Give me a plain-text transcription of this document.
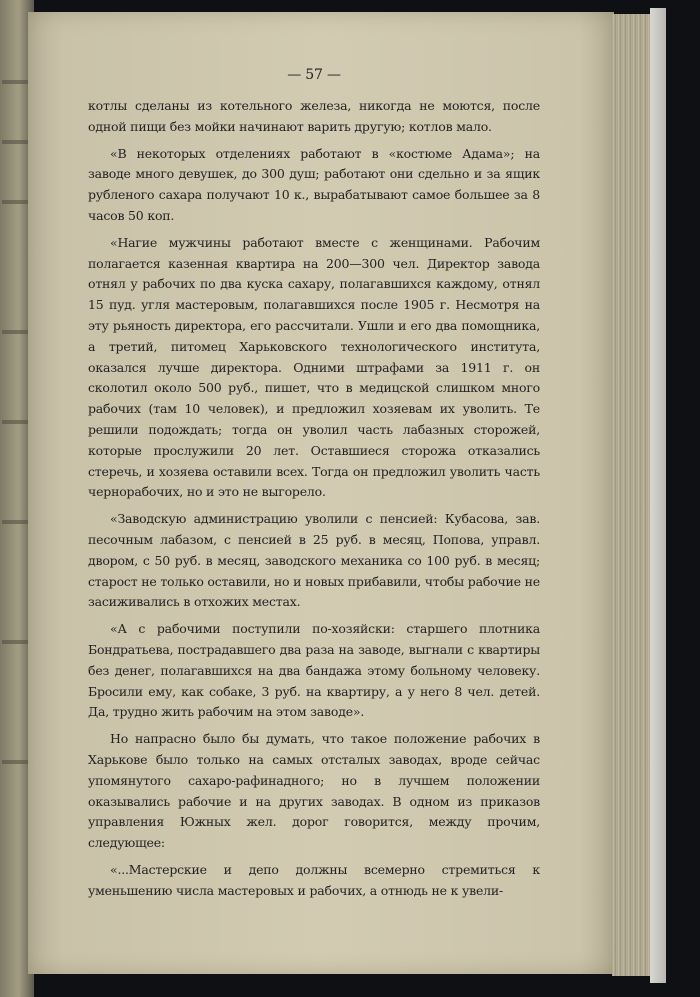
— 57 —

котлы сделаны из котельного железа, никогда не моются, после одной пищи без мойки начинают варить другую; котлов мало.

«В некоторых отделениях работают в «костюме Адама»; на заводе много девушек, до 300 душ; работают они сдельно и за ящик рубленого сахара получают 10 к., вырабатывают самое большее за 8 часов 50 коп.

«Нагие мужчины работают вместе с женщинами. Рабочим полагается казенная квартира на 200—300 чел. Директор завода отнял у рабочих по два куска сахару, полагавшихся каждому, отнял 15 пуд. угля мастеровым, полагавшихся после 1905 г. Несмотря на эту рьяность директора, его рассчитали. Ушли и его два помощника, а третий, питомец Харьковского технологического института, оказался лучше директора. Одними штрафами за 1911 г. он сколотил около 500 руб., пишет, что в медицской слишком много рабочих (там 10 человек), и предложил хозяевам их уволить. Те решили подождать; тогда он уволил часть лабазных сторожей, которые прослужили 20 лет. Оставшиеся сторожа отказались стеречь, и хозяева оставили всех. Тогда он предложил уволить часть чернорабочих, но и это не выгорело.

«Заводскую администрацию уволили с пенсией: Кубасова, зав. песочным лабазом, с пенсией в 25 руб. в месяц, Попова, управл. двором, с 50 руб. в месяц, заводского механика со 100 руб. в месяц; старост не только оставили, но и новых прибавили, чтобы рабочие не засиживались в отхожих местах.

«А с рабочими поступили по-хозяйски: старшего плотника Бондратьева, пострадавшего два раза на заводе, выгнали с квартиры без денег, полагавшихся на два бандажа этому больному человеку. Бросили ему, как собаке, 3 руб. на квартиру, а у него 8 чел. детей. Да, трудно жить рабочим на этом заводе».

Но напрасно было бы думать, что такое положение рабочих в Харькове было только на самых отсталых заводах, вроде сейчас упомянутого сахаро-рафинадного; но в лучшем положении оказывались рабочие и на других заводах. В одном из приказов управления Южных жел. дорог говорится, между прочим, следующее:

«...Мастерские и депо должны всемерно стремиться к уменьшению числа мастеровых и рабочих, а отнюдь не к увели-
